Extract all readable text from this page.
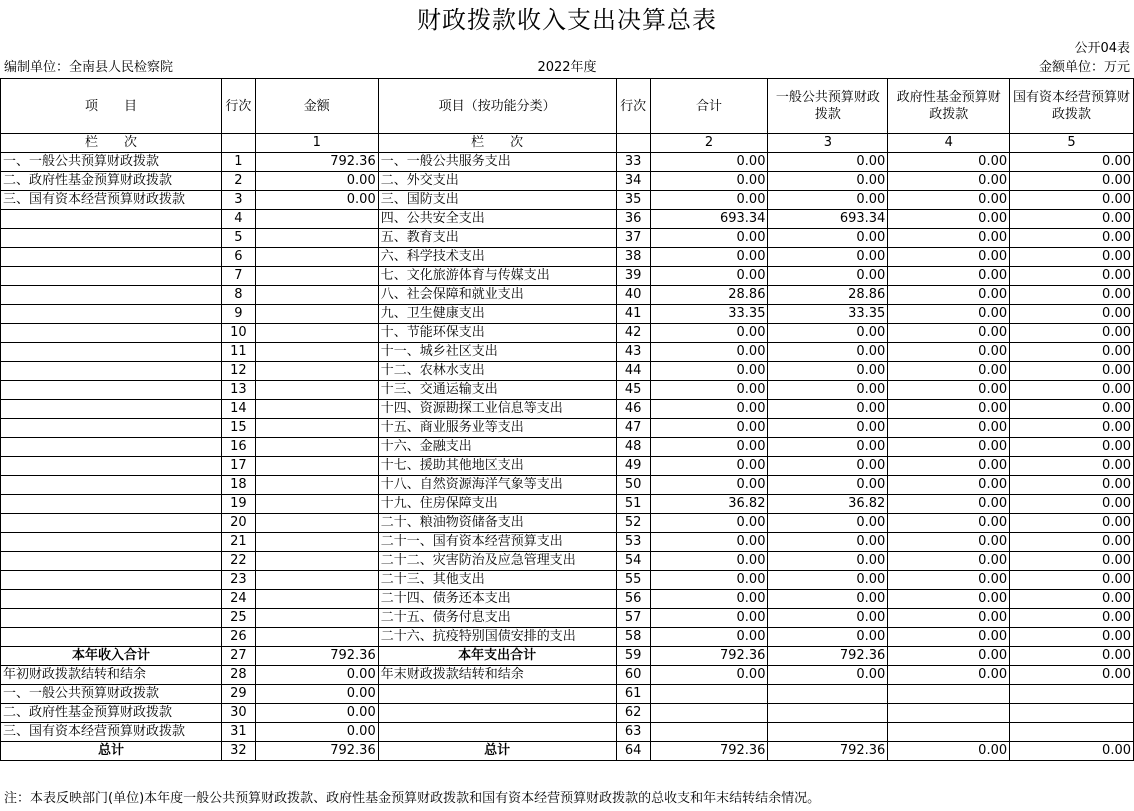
财政拨款收入支出决算总表
公开04表
编制单位：全南县人民检察院	2022年度	金额单位：万元
项　　目	行次	金额	项目（按功能分类）	行次	合计	一般公共预算财政拨款	政府性基金预算财政拨款	国有资本经营预算财政拨款
栏　　次		1	栏　　次		2	3	4	5
一、一般公共预算财政拨款	1	792.36	一、一般公共服务支出	33	0.00	0.00	0.00	0.00
二、政府性基金预算财政拨款	2	0.00	二、外交支出	34	0.00	0.00	0.00	0.00
三、国有资本经营预算财政拨款	3	0.00	三、国防支出	35	0.00	0.00	0.00	0.00
	4		四、公共安全支出	36	693.34	693.34	0.00	0.00
	5		五、教育支出	37	0.00	0.00	0.00	0.00
	6		六、科学技术支出	38	0.00	0.00	0.00	0.00
	7		七、文化旅游体育与传媒支出	39	0.00	0.00	0.00	0.00
	8		八、社会保障和就业支出	40	28.86	28.86	0.00	0.00
	9		九、卫生健康支出	41	33.35	33.35	0.00	0.00
	10		十、节能环保支出	42	0.00	0.00	0.00	0.00
	11		十一、城乡社区支出	43	0.00	0.00	0.00	0.00
	12		十二、农林水支出	44	0.00	0.00	0.00	0.00
	13		十三、交通运输支出	45	0.00	0.00	0.00	0.00
	14		十四、资源勘探工业信息等支出	46	0.00	0.00	0.00	0.00
	15		十五、商业服务业等支出	47	0.00	0.00	0.00	0.00
	16		十六、金融支出	48	0.00	0.00	0.00	0.00
	17		十七、援助其他地区支出	49	0.00	0.00	0.00	0.00
	18		十八、自然资源海洋气象等支出	50	0.00	0.00	0.00	0.00
	19		十九、住房保障支出	51	36.82	36.82	0.00	0.00
	20		二十、粮油物资储备支出	52	0.00	0.00	0.00	0.00
	21		二十一、国有资本经营预算支出	53	0.00	0.00	0.00	0.00
	22		二十二、灾害防治及应急管理支出	54	0.00	0.00	0.00	0.00
	23		二十三、其他支出	55	0.00	0.00	0.00	0.00
	24		二十四、债务还本支出	56	0.00	0.00	0.00	0.00
	25		二十五、债务付息支出	57	0.00	0.00	0.00	0.00
	26		二十六、抗疫特别国债安排的支出	58	0.00	0.00	0.00	0.00
本年收入合计	27	792.36	本年支出合计	59	792.36	792.36	0.00	0.00
年初财政拨款结转和结余	28	0.00	年末财政拨款结转和结余	60	0.00	0.00	0.00	0.00
一、一般公共预算财政拨款	29	0.00		61				
二、政府性基金预算财政拨款	30	0.00		62				
三、国有资本经营预算财政拨款	31	0.00		63				
总计	32	792.36	总计	64	792.36	792.36	0.00	0.00
注：本表反映部门(单位)本年度一般公共预算财政拨款、政府性基金预算财政拨款和国有资本经营预算财政拨款的总收支和年末结转结余情况。
